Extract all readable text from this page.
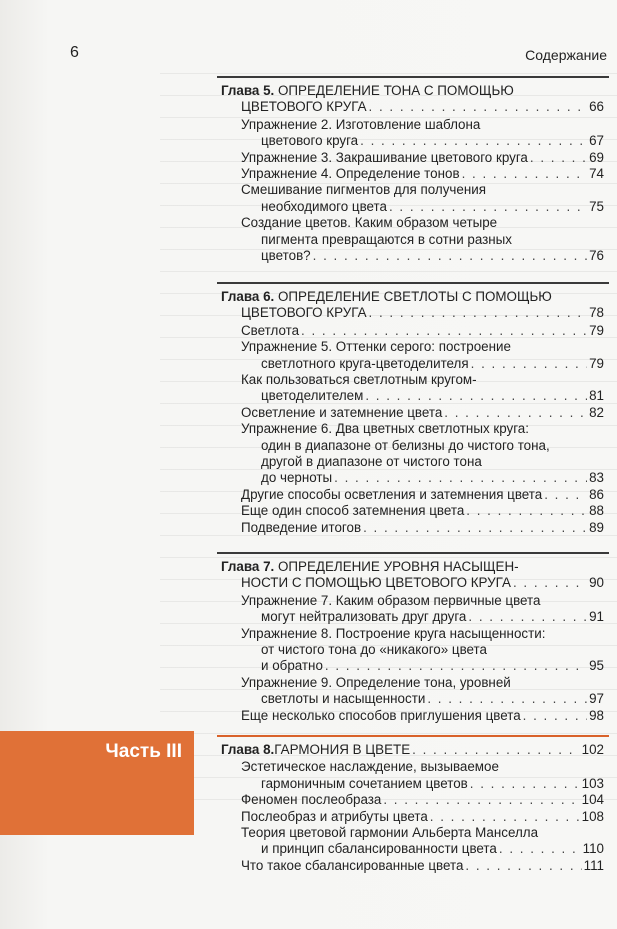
6	Содержание
Глава 5. ОПРЕДЕЛЕНИЕ ТОНА С ПОМОЩЬЮ
ЦВЕТОВОГО КРУГА . . .	66
Упражнение 2. Изготовление шаблона
цветового круга . . .	67
Упражнение 3. Закрашивание цветового круга . . .	69
Упражнение 4. Определение тонов . . .	74
Смешивание пигментов для получения
необходимого цвета . . .	75
Создание цветов. Каким образом четыре
пигмента превращаются в сотни разных
цветов? . . .	76
Глава 6. ОПРЕДЕЛЕНИЕ СВЕТЛОТЫ С ПОМОЩЬЮ
ЦВЕТОВОГО КРУГА . . .	78
Светлота . . .	79
Упражнение 5. Оттенки серого: построение
светлотного круга-цветоделителя . . .	79
Как пользоваться светлотным кругом-
цветоделителем . . .	81
Осветление и затемнение цвета . . .	82
Упражнение 6. Два цветных светлотных круга:
один в диапазоне от белизны до чистого тона,
другой в диапазоне от чистого тона
до черноты . . .	83
Другие способы осветления и затемнения цвета . . .	86
Еще один способ затемнения цвета . . .	88
Подведение итогов . . .	89
Глава 7. ОПРЕДЕЛЕНИЕ УРОВНЯ НАСЫЩЕН-
НОСТИ С ПОМОЩЬЮ ЦВЕТОВОГО КРУГА . . .	90
Упражнение 7. Каким образом первичные цвета
могут нейтрализовать друг друга . . .	91
Упражнение 8. Построение круга насыщенности:
от чистого тона до «никакого» цвета
и обратно . . .	95
Упражнение 9. Определение тона, уровней
светлоты и насыщенности . . .	97
Еще несколько способов приглушения цвета . . .	98
Глава 8. ГАРМОНИЯ В ЦВЕТЕ . . .	102
Эстетическое наслаждение, вызываемое
гармоничным сочетанием цветов . . .	103
Феномен послеобраза . . .	104
Послеобраз и атрибуты цвета . . .	108
Теория цветовой гармонии Альберта Манселла
и принцип сбалансированности цвета . . .	110
Что такое сбалансированные цвета . . .	111
Часть III
